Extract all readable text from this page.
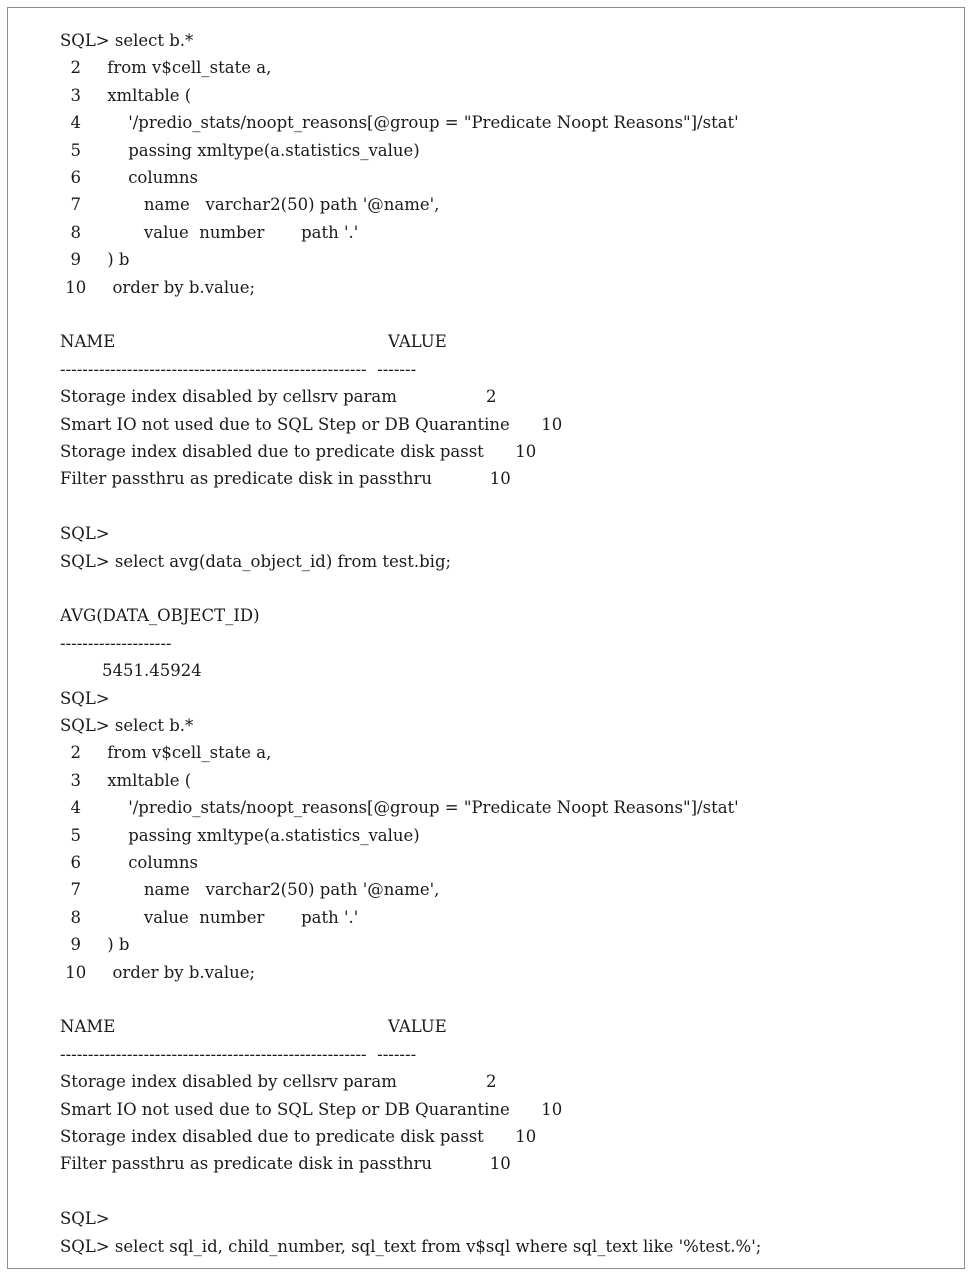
SQL> select b.*
2     from v$cell_state a,
3     xmltable (
4         '/predio_stats/noopt_reasons[@group = "Predicate Noopt Reasons"]/stat'
5         passing xmltype(a.statistics_value)
6         columns
7            name   varchar2(50) path '@name',
8            value  number       path '.'
9     ) b
10     order by b.value;
NAME                                                    VALUE
-------------------------------------------------------  -------
Storage index disabled by cellsrv param                 2
Smart IO not used due to SQL Step or DB Quarantine      10
Storage index disabled due to predicate disk passt      10
Filter passthru as predicate disk in passthru           10
SQL>
SQL> select avg(data_object_id) from test.big;
AVG(DATA_OBJECT_ID)
--------------------
5451.45924
SQL>
SQL> select b.*
2     from v$cell_state a,
3     xmltable (
4         '/predio_stats/noopt_reasons[@group = "Predicate Noopt Reasons"]/stat'
5         passing xmltype(a.statistics_value)
6         columns
7            name   varchar2(50) path '@name',
8            value  number       path '.'
9     ) b
10     order by b.value;
NAME                                                    VALUE
-------------------------------------------------------  -------
Storage index disabled by cellsrv param                 2
Smart IO not used due to SQL Step or DB Quarantine      10
Storage index disabled due to predicate disk passt      10
Filter passthru as predicate disk in passthru           10
SQL>
SQL> select sql_id, child_number, sql_text from v$sql where sql_text like '%test.%';
